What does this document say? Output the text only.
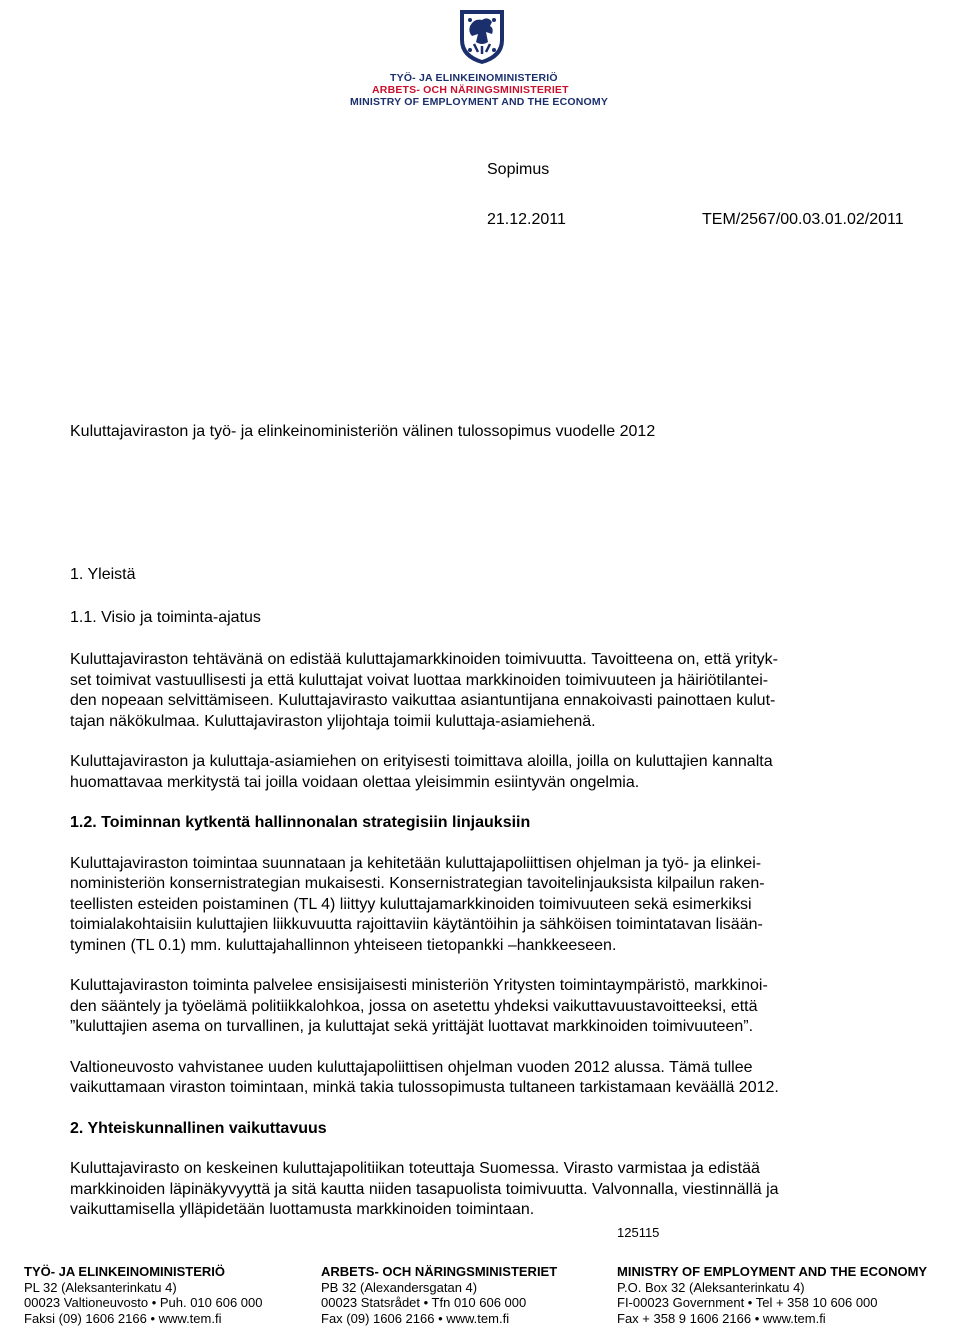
TYÖ- JA ELINKEINOMINISTERIÖ
ARBETS- OCH NÄRINGSMINISTERIET
MINISTRY OF EMPLOYMENT AND THE ECONOMY
Sopimus
21.12.2011	TEM/2567/00.03.01.02/2011
Kuluttajaviraston ja työ- ja elinkeinoministeriön välinen tulossopimus vuodelle 2012
1. Yleistä
1.1. Visio ja toiminta-ajatus
Kuluttajaviraston tehtävänä on edistää kuluttajamarkkinoiden toimivuutta.
Tavoitteena on, että yrityk-
set toimivat vastuullisesti ja että kuluttajat voivat luottaa markkinoiden toimivuuteen ja häiriötilantei-
den nopeaan selvittämiseen. Kuluttajavirasto vaikuttaa asiantuntijana ennakoivasti painottaen kulut-
tajan näkökulmaa. Kuluttajaviraston ylijohtaja toimii kuluttaja-asiamiehenä.
Kuluttajaviraston ja kuluttaja-asiamiehen on erityisesti toimittava aloilla, joilla on kuluttajien kannalta
huomattavaa merkitystä tai joilla voidaan olettaa yleisimmin esiintyvän ongelmia.
1.2. Toiminnan kytkentä hallinnonalan strategisiin linjauksiin
Kuluttajaviraston toimintaa suunnataan ja kehitetään kuluttajapoliittisen ohjelman ja työ- ja elinkei-
noministeriön konsernistrategian mukaisesti. Konsernistrategian tavoitelinjauksista kilpailun raken-
teellisten esteiden poistaminen (TL 4) liittyy kuluttajamarkkinoiden toimivuuteen sekä esimerkiksi
toimialakohtaisiin kuluttajien liikkuvuutta rajoittaviin käytäntöihin ja sähköisen toimintatavan lisään-
tyminen (TL 0.1) mm. kuluttajahallinnon yhteiseen tietopankki –hankkeeseen.
Kuluttajaviraston toiminta palvelee ensisijaisesti ministeriön Yritysten toimintaympäristö, markkinoi-
den sääntely ja työelämä politiikkalohkoa, jossa on asetettu yhdeksi vaikuttavuustavoitteeksi, että
”kuluttajien asema on turvallinen, ja kuluttajat sekä yrittäjät luottavat markkinoiden toimivuuteen”.
Valtioneuvosto vahvistanee uuden kuluttajapoliittisen ohjelman vuoden 2012 alussa. Tämä tullee
vaikuttamaan viraston toimintaan, minkä takia tulossopimusta tultaneen tarkistamaan keväällä 2012.
2. Yhteiskunnallinen vaikuttavuus
Kuluttajavirasto on keskeinen kuluttajapolitiikan toteuttaja Suomessa. Virasto varmistaa ja edistää
markkinoiden läpinäkyvyyttä ja sitä kautta niiden tasapuolista toimivuutta. Valvonnalla, viestinnällä ja
vaikuttamisella ylläpidetään luottamusta markkinoiden toimintaan.
125115
TYÖ- JA ELINKEINOMINISTERIÖ
PL 32 (Aleksanterinkatu 4)
00023 Valtioneuvosto • Puh. 010 606 000
Faksi (09) 1606 2166 • www.tem.fi
ARBETS- OCH NÄRINGSMINISTERIET
PB 32 (Alexandersgatan 4)
00023 Statsrådet • Tfn 010 606 000
Fax (09) 1606 2166 • www.tem.fi
MINISTRY OF EMPLOYMENT AND THE ECONOMY
P.O. Box 32 (Aleksanterinkatu 4)
FI-00023 Government • Tel + 358 10 606 000
Fax + 358 9 1606 2166 • www.tem.fi
